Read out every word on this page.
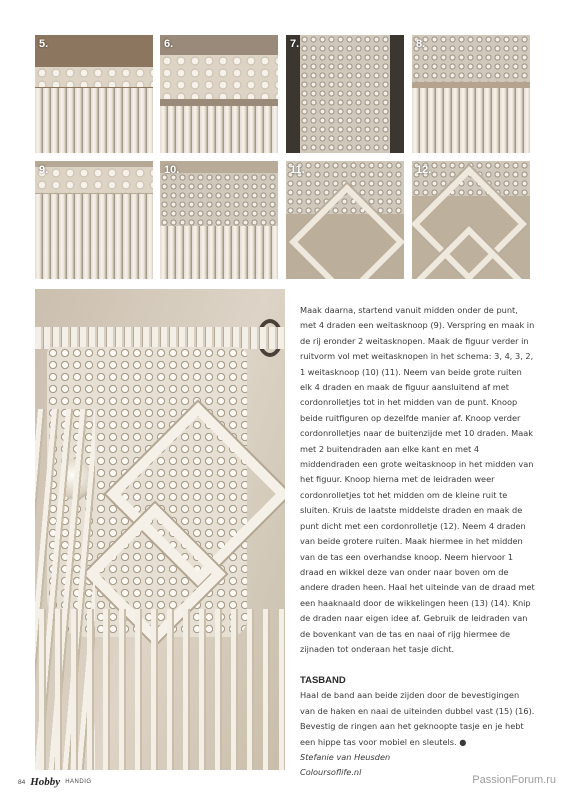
5.	6.	7.	8.
9.	10.	11.	12.

Maak daarna, startend vanuit midden onder de punt, met 4 draden een weitasknoop (9). Verspring en maak in de rij eronder 2 weitasknopen. Maak de figuur verder in ruitvorm vol met weitasknopen in het schema: 3, 4, 3, 2, 1 weitasknoop (10) (11). Neem van beide grote ruiten elk 4 draden en maak de figuur aansluitend af met cordonrolletjes tot in het midden van de punt. Knoop beide ruitfiguren op dezelfde manier af. Knoop verder cordonrolletjes naar de buitenzijde met 10 draden. Maak met 2 buitendraden aan elke kant en met 4 middendraden een grote weitasknoop in het midden van het figuur. Knoop hierna met de leidraden weer cordonrolletjes tot het midden om de kleine ruit te sluiten. Kruis de laatste middelste draden en maak de punt dicht met een cordonrolletje (12). Neem 4 draden van beide grotere ruiten. Maak hiermee in het midden van de tas een overhandse knoop. Neem hiervoor 1 draad en wikkel deze van onder naar boven om de andere draden heen. Haal het uiteinde van de draad met een haaknaald door de wikkelingen heen (13) (14). Knip de draden naar eigen idee af. Gebruik de leidraden van de bovenkant van de tas en naai of rijg hiermee de zijnaden tot onderaan het tasje dicht.

TASBAND

Haal de band aan beide zijden door de bevestigingen van de haken en naai de uiteinden dubbel vast (15) (16). Bevestig de ringen aan het geknoopte tasje en je hebt een hippe tas voor mobiel en sleutels. ●

Stefanie van Heusden

Coloursoflife.nl

84 Hobby HANDIG	PassionForum.ru
